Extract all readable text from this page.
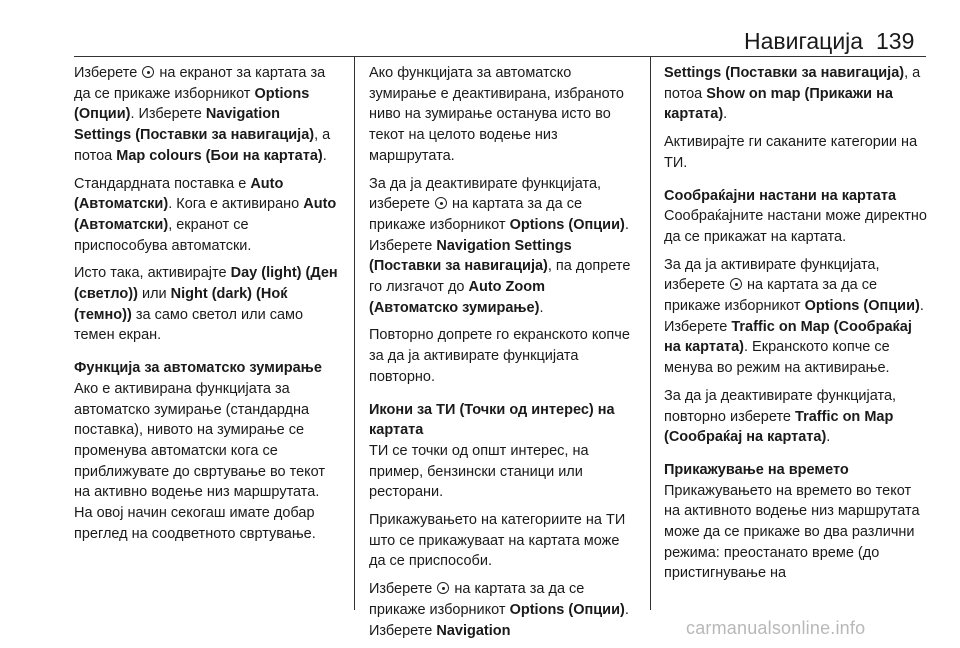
Навигација 139

Изберете  на екранот за картата за да се прикаже изборникот Options (Опции). Изберете Navigation Settings (Поставки за навигација), а потоа Map colours (Бои на картата).

Стандардната поставка е Auto (Автоматски). Кога е активирано Auto (Автоматски), екранот се приспособува автоматски.

Исто така, активирајте Day (light) (Ден (светло)) или Night (dark) (Ноќ (темно)) за само светол или само темен екран.

Функција за автоматско зумирање

Ако е активирана функцијата за автоматско зумирање (стандардна поставка), нивото на зумирање се променува автоматски кога се приближувате до свртување во текот на активно водење низ маршрутата. На овој начин секогаш имате добар преглед на соодветното свртување.

Ако функцијата за автоматско зумирање е деактивирана, избраното ниво на зумирање останува исто во текот на целото водење низ маршрутата.

За да ја деактивирате функцијата, изберете  на картата за да се прикаже изборникот Options (Опции). Изберете Navigation Settings (Поставки за навигација), па допрете го лизгачот до Auto Zoom (Автоматско зумирање).

Повторно допрете го екранското копче за да ја активирате функцијата повторно.

Икони за ТИ (Точки од интерес) на картата

ТИ се точки од општ интерес, на пример, бензински станици или ресторани.

Прикажувањето на категориите на ТИ што се прикажуваат на картата може да се приспособи.

Изберете  на картата за да се прикаже изборникот Options (Опции). Изберете Navigation

Settings (Поставки за навигација), а потоа Show on map (Прикажи на картата).

Активирајте ги саканите категории на ТИ.

Сообраќајни настани на картата

Сообраќајните настани може директно да се прикажат на картата.

За да ја активирате функцијата, изберете  на картата за да се прикаже изборникот Options (Опции). Изберете Traffic on Map (Сообраќај на картата). Екранското копче се менува во режим на активирање.

За да ја деактивирате функцијата, повторно изберете Traffic on Map (Сообраќај на картата).

Прикажување на времето

Прикажувањето на времето во текот на активното водење низ маршрутата може да се прикаже во два различни режима: преостанато време (до пристигнување на

carmanualsonline.info
